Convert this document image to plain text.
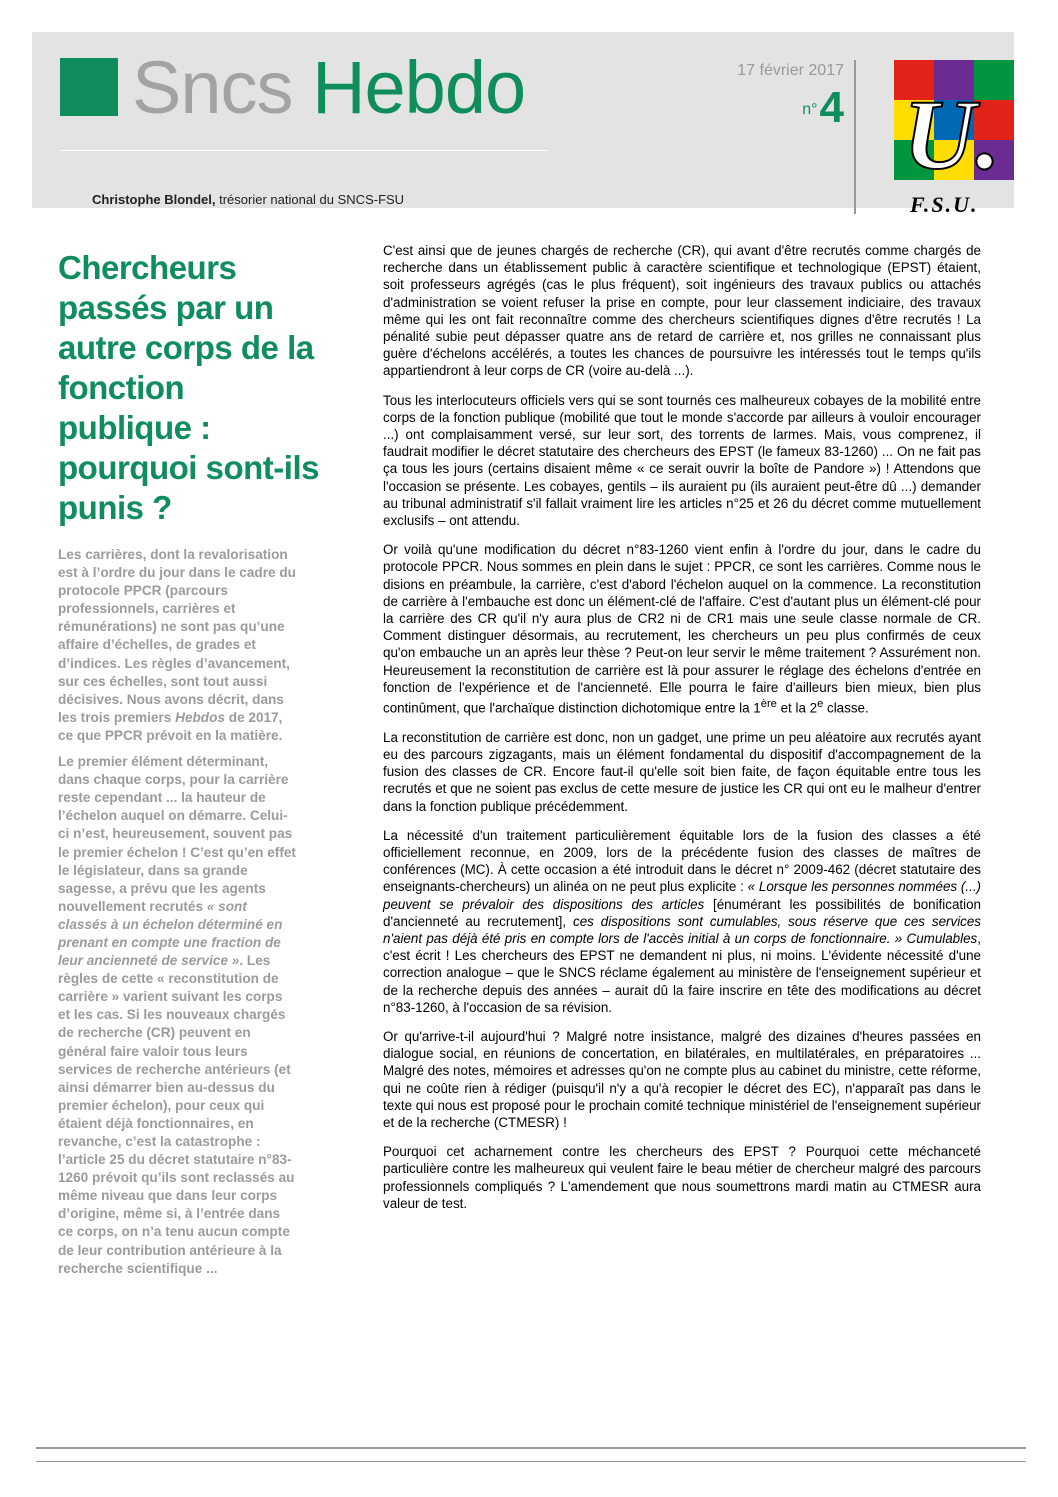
Sncs Hebdo	17 février 2017
n°4
Christophe Blondel, trésorier national du SNCS-FSU
U.
F.S.U.
Chercheurs passés par un autre corps de la fonction publique : pourquoi sont-ils punis ?

Les carrières, dont la revalorisation est à l’ordre du jour dans le cadre du protocole PPCR (parcours professionnels, carrières et rémunérations) ne sont pas qu’une affaire d’échelles, de grades et d’indices. Les règles d’avancement, sur ces échelles, sont tout aussi décisives. Nous avons décrit, dans les trois premiers Hebdos de 2017, ce que PPCR prévoit en la matière.

Le premier élément déterminant, dans chaque corps, pour la carrière reste cependant ... la hauteur de l’échelon auquel on démarre. Celui-ci n’est, heureusement, souvent pas le premier échelon ! C’est qu’en effet le législateur, dans sa grande sagesse, a prévu que les agents nouvellement recrutés « sont classés à un échelon déterminé en prenant en compte une fraction de leur ancienneté de service ». Les règles de cette « reconstitution de carrière » varient suivant les corps et les cas. Si les nouveaux chargés de recherche (CR) peuvent en général faire valoir tous leurs services de recherche antérieurs (et ainsi démarrer bien au-dessus du premier échelon), pour ceux qui étaient déjà fonctionnaires, en revanche, c’est la catastrophe : l’article 25 du décret statutaire n°83-1260 prévoit qu’ils sont reclassés au même niveau que dans leur corps d’origine, même si, à l’entrée dans ce corps, on n’a tenu aucun compte de leur contribution antérieure à la recherche scientifique ...

C'est ainsi que de jeunes chargés de recherche (CR), qui avant d'être recrutés comme chargés de recherche dans un établissement public à caractère scientifique et technologique (EPST) étaient, soit professeurs agrégés (cas le plus fréquent), soit ingénieurs des travaux publics ou attachés d'administration se voient refuser la prise en compte, pour leur classement indiciaire, des travaux même qui les ont fait reconnaître comme des chercheurs scientifiques dignes d'être recrutés ! La pénalité subie peut dépasser quatre ans de retard de carrière et, nos grilles ne connaissant plus guère d'échelons accélérés, a toutes les chances de poursuivre les intéressés tout le temps qu'ils appartiendront à leur corps de CR (voire au-delà ...).

Tous les interlocuteurs officiels vers qui se sont tournés ces malheureux cobayes de la mobilité entre corps de la fonction publique (mobilité que tout le monde s'accorde par ailleurs à vouloir encourager ...) ont complaisamment versé, sur leur sort, des torrents de larmes. Mais, vous comprenez, il faudrait modifier le décret statutaire des chercheurs des EPST (le fameux 83-1260) ... On ne fait pas ça tous les jours (certains disaient même « ce serait ouvrir la boîte de Pandore ») ! Attendons que l'occasion se présente. Les cobayes, gentils – ils auraient pu (ils auraient peut-être dû ...) demander au tribunal administratif s'il fallait vraiment lire les articles n°25 et 26 du décret comme mutuellement exclusifs – ont attendu.

Or voilà qu'une modification du décret n°83-1260 vient enfin à l'ordre du jour, dans le cadre du protocole PPCR. Nous sommes en plein dans le sujet : PPCR, ce sont les carrières. Comme nous le disions en préambule, la carrière, c'est d'abord l'échelon auquel on la commence. La reconstitution de carrière à l'embauche est donc un élément-clé de l'affaire. C'est d'autant plus un élément-clé pour la carrière des CR qu'il n'y aura plus de CR2 ni de CR1 mais une seule classe normale de CR. Comment distinguer désormais, au recrutement, les chercheurs un peu plus confirmés de ceux qu'on embauche un an après leur thèse ? Peut-on leur servir le même traitement ? Assurément non. Heureusement la reconstitution de carrière est là pour assurer le réglage des échelons d'entrée en fonction de l'expérience et de l'ancienneté. Elle pourra le faire d'ailleurs bien mieux, bien plus continûment, que l'archaïque distinction dichotomique entre la 1ère et la 2e classe.

La reconstitution de carrière est donc, non un gadget, une prime un peu aléatoire aux recrutés ayant eu des parcours zigzagants, mais un élément fondamental du dispositif d'accompagnement de la fusion des classes de CR. Encore faut-il qu'elle soit bien faite, de façon équitable entre tous les recrutés et que ne soient pas exclus de cette mesure de justice les CR qui ont eu le malheur d'entrer dans la fonction publique précédemment.

La nécessité d'un traitement particulièrement équitable lors de la fusion des classes a été officiellement reconnue, en 2009, lors de la précédente fusion des classes de maîtres de conférences (MC). À cette occasion a été introduit dans le décret n° 2009-462 (décret statutaire des enseignants-chercheurs) un alinéa on ne peut plus explicite : « Lorsque les personnes nommées (...) peuvent se prévaloir des dispositions des articles [énumérant les possibilités de bonification d'ancienneté au recrutement], ces dispositions sont cumulables, sous réserve que ces services n'aient pas déjà été pris en compte lors de l'accès initial à un corps de fonctionnaire. » Cumulables, c'est écrit ! Les chercheurs des EPST ne demandent ni plus, ni moins. L'évidente nécessité d'une correction analogue – que le SNCS réclame également au ministère de l'enseignement supérieur et de la recherche depuis des années – aurait dû la faire inscrire en tête des modifications au décret n°83-1260, à l'occasion de sa révision.

Or qu'arrive-t-il aujourd'hui ? Malgré notre insistance, malgré des dizaines d'heures passées en dialogue social, en réunions de concertation, en bilatérales, en multilatérales, en préparatoires ... Malgré des notes, mémoires et adresses qu'on ne compte plus au cabinet du ministre, cette réforme, qui ne coûte rien à rédiger (puisqu'il n'y a qu'à recopier le décret des EC), n'apparaît pas dans le texte qui nous est proposé pour le prochain comité technique ministériel de l'enseignement supérieur et de la recherche (CTMESR) !

Pourquoi cet acharnement contre les chercheurs des EPST ? Pourquoi cette méchanceté particulière contre les malheureux qui veulent faire le beau métier de chercheur malgré des parcours professionnels compliqués ? L'amendement que nous soumettrons mardi matin au CTMESR aura valeur de test.
